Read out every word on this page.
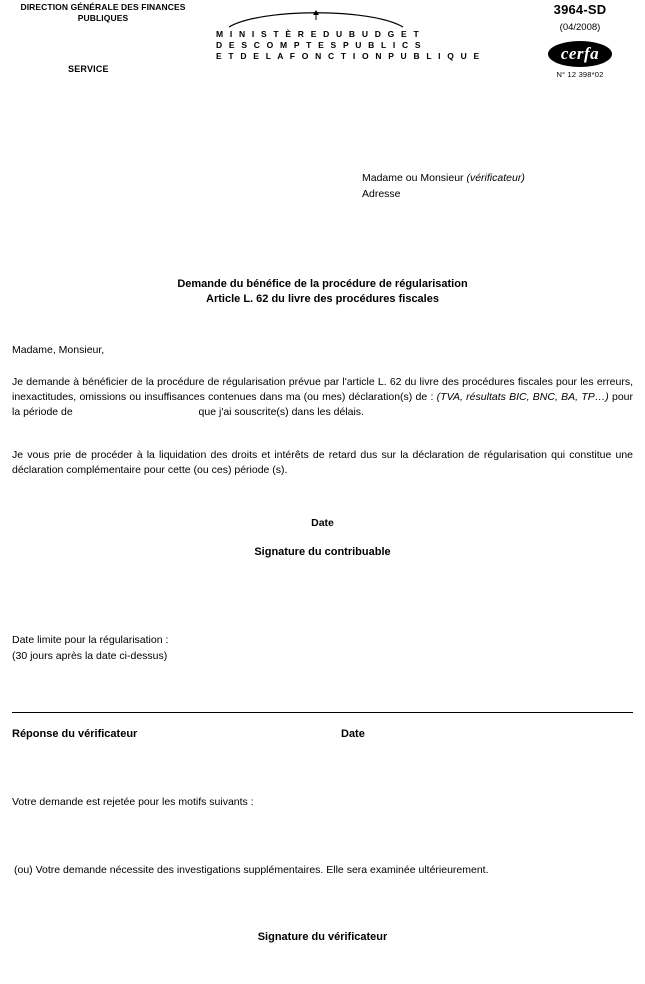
DIRECTION GÉNÉRALE DES FINANCES PUBLIQUES
SERVICE
M I N I S T È R E D U B U D G E T
D E S C O M P T E S P U B L I C S
E T D E L A F O N C T I O N P U B L I Q U E
3964-SD
(04/2008)
cerfa
N° 12 398*02
Madame ou Monsieur (vérificateur)
Adresse
Demande du bénéfice de la procédure de régularisation
Article L. 62 du livre des procédures fiscales
Madame, Monsieur,
Je demande à bénéficier de la procédure de régularisation prévue par l'article L. 62 du livre des procédures fiscales pour les erreurs, inexactitudes, omissions ou insuffisances contenues dans ma (ou mes) déclaration(s) de : (TVA, résultats BIC, BNC, BA, TP…) pour la période de	que j'ai souscrite(s) dans les délais.
Je vous prie de procéder à la liquidation des droits et intérêts de retard dus sur la déclaration de régularisation qui constitue une déclaration complémentaire pour cette (ou ces) période (s).
Date
Signature du contribuable
Date limite pour la régularisation :
(30 jours après la date ci-dessus)
Réponse du vérificateur	Date
Votre demande est rejetée pour les motifs suivants :
(ou) Votre demande nécessite des investigations supplémentaires. Elle sera examinée ultérieurement.
Signature du vérificateur
